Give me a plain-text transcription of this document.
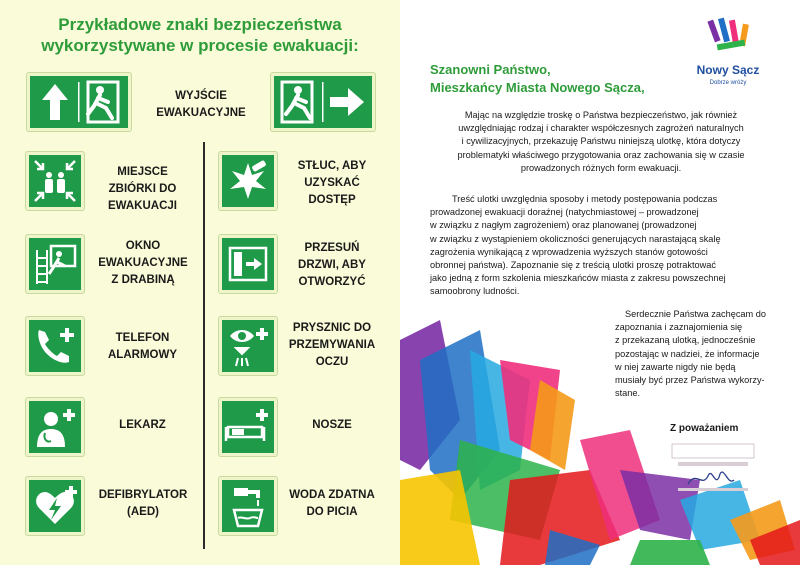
Przykładowe znaki bezpieczeństwa
wykorzystywane w procesie ewakuacji:
WYJŚCIE
EWAKUACYJNE
MIEJSCE
ZBIÓRKI DO
EWAKUACJI
OKNO
EWAKUACYJNE
Z DRABINĄ
TELEFON
ALARMOWY
LEKARZ
DEFIBRYLATOR
(AED)
STŁUC, ABY
UZYSKAĆ
DOSTĘP
PRZESUŃ
DRZWI, ABY
OTWORZYĆ
PRYSZNIC DO
PRZEMYWANIA
OCZU
NOSZE
WODA ZDATNA
DO PICIA
Nowy Sącz
Dobrze wróży
Szanowni Państwo,
Mieszkańcy Miasta Nowego Sącza,
Mając na względzie troskę o Państwa bezpieczeństwo, jak również
uwzględniając rodzaj i charakter współczesnych zagrożeń naturalnych
i cywilizacyjnych, przekazuję Państwu niniejszą ulotkę, która dotyczy
problematyki właściwego przygotowania oraz zachowania się w czasie
prowadzonych różnych form ewakuacji.
Treść ulotki uwzględnia sposoby i metody postępowania podczas
prowadzonej ewakuacji doraźnej (natychmiastowej – prowadzonej
w związku z nagłym zagrożeniem) oraz planowanej (prowadzonej
w związku z wystąpieniem okoliczności generujących narastającą skalę
zagrożenia wynikającą z wprowadzenia wyższych stanów gotowości
obronnej państwa). Zapoznanie się z treścią ulotki proszę potraktować
jako jedną z form szkolenia mieszkańców miasta z zakresu powszechnej
samoobrony ludności.
Serdecznie Państwa zachęcam do
zapoznania i zaznajomienia się
z przekazaną ulotką, jednocześnie
pozostając w nadziei, że informacje
w niej zawarte nigdy nie będą
musiały być przez Państwa wykorzy-
stane.
Z poważaniem
